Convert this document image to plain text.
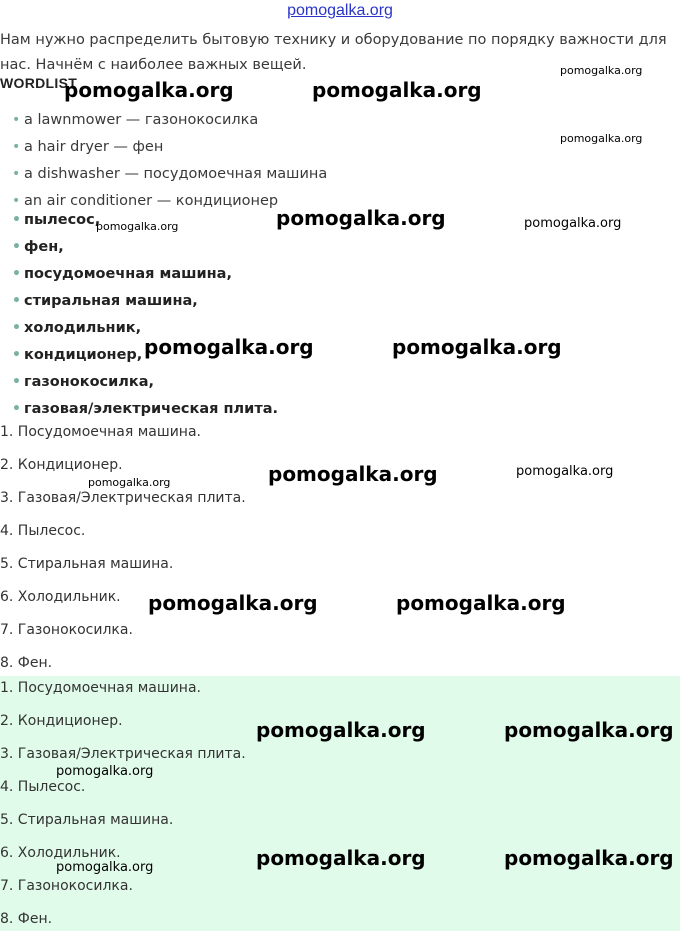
pomogalka.org

Нам нужно распределить бытовую технику и оборудование по порядку важности для нас. Начнём с наиболее важных вещей.

WORDLIST
• a lawnmower — газонокосилка
• a hair dryer — фен
• a dishwasher — посудомоечная машина
• an air conditioner — кондиционер
• пылесос,
• фен,
• посудомоечная машина,
• стиральная машина,
• холодильник,
• кондиционер,
• газонокосилка,
• газовая/электрическая плита.
1. Посудомоечная машина.
2. Кондиционер.
3. Газовая/Электрическая плита.
4. Пылесос.
5. Стиральная машина.
6. Холодильник.
7. Газонокосилка.
8. Фен.
1. Посудомоечная машина.
2. Кондиционер.
3. Газовая/Электрическая плита.
4. Пылесос.
5. Стиральная машина.
6. Холодильник.
7. Газонокосилка.
8. Фен.
pomogalka.org	pomogalka.org
pomogalka.org
pomogalka.org
pomogalka.org	pomogalka.org	pomogalka.org
pomogalka.org	pomogalka.org
pomogalka.org	pomogalka.org	pomogalka.org
pomogalka.org	pomogalka.org
pomogalka.org	pomogalka.org
pomogalka.org
pomogalka.org	pomogalka.org
pomogalka.org
